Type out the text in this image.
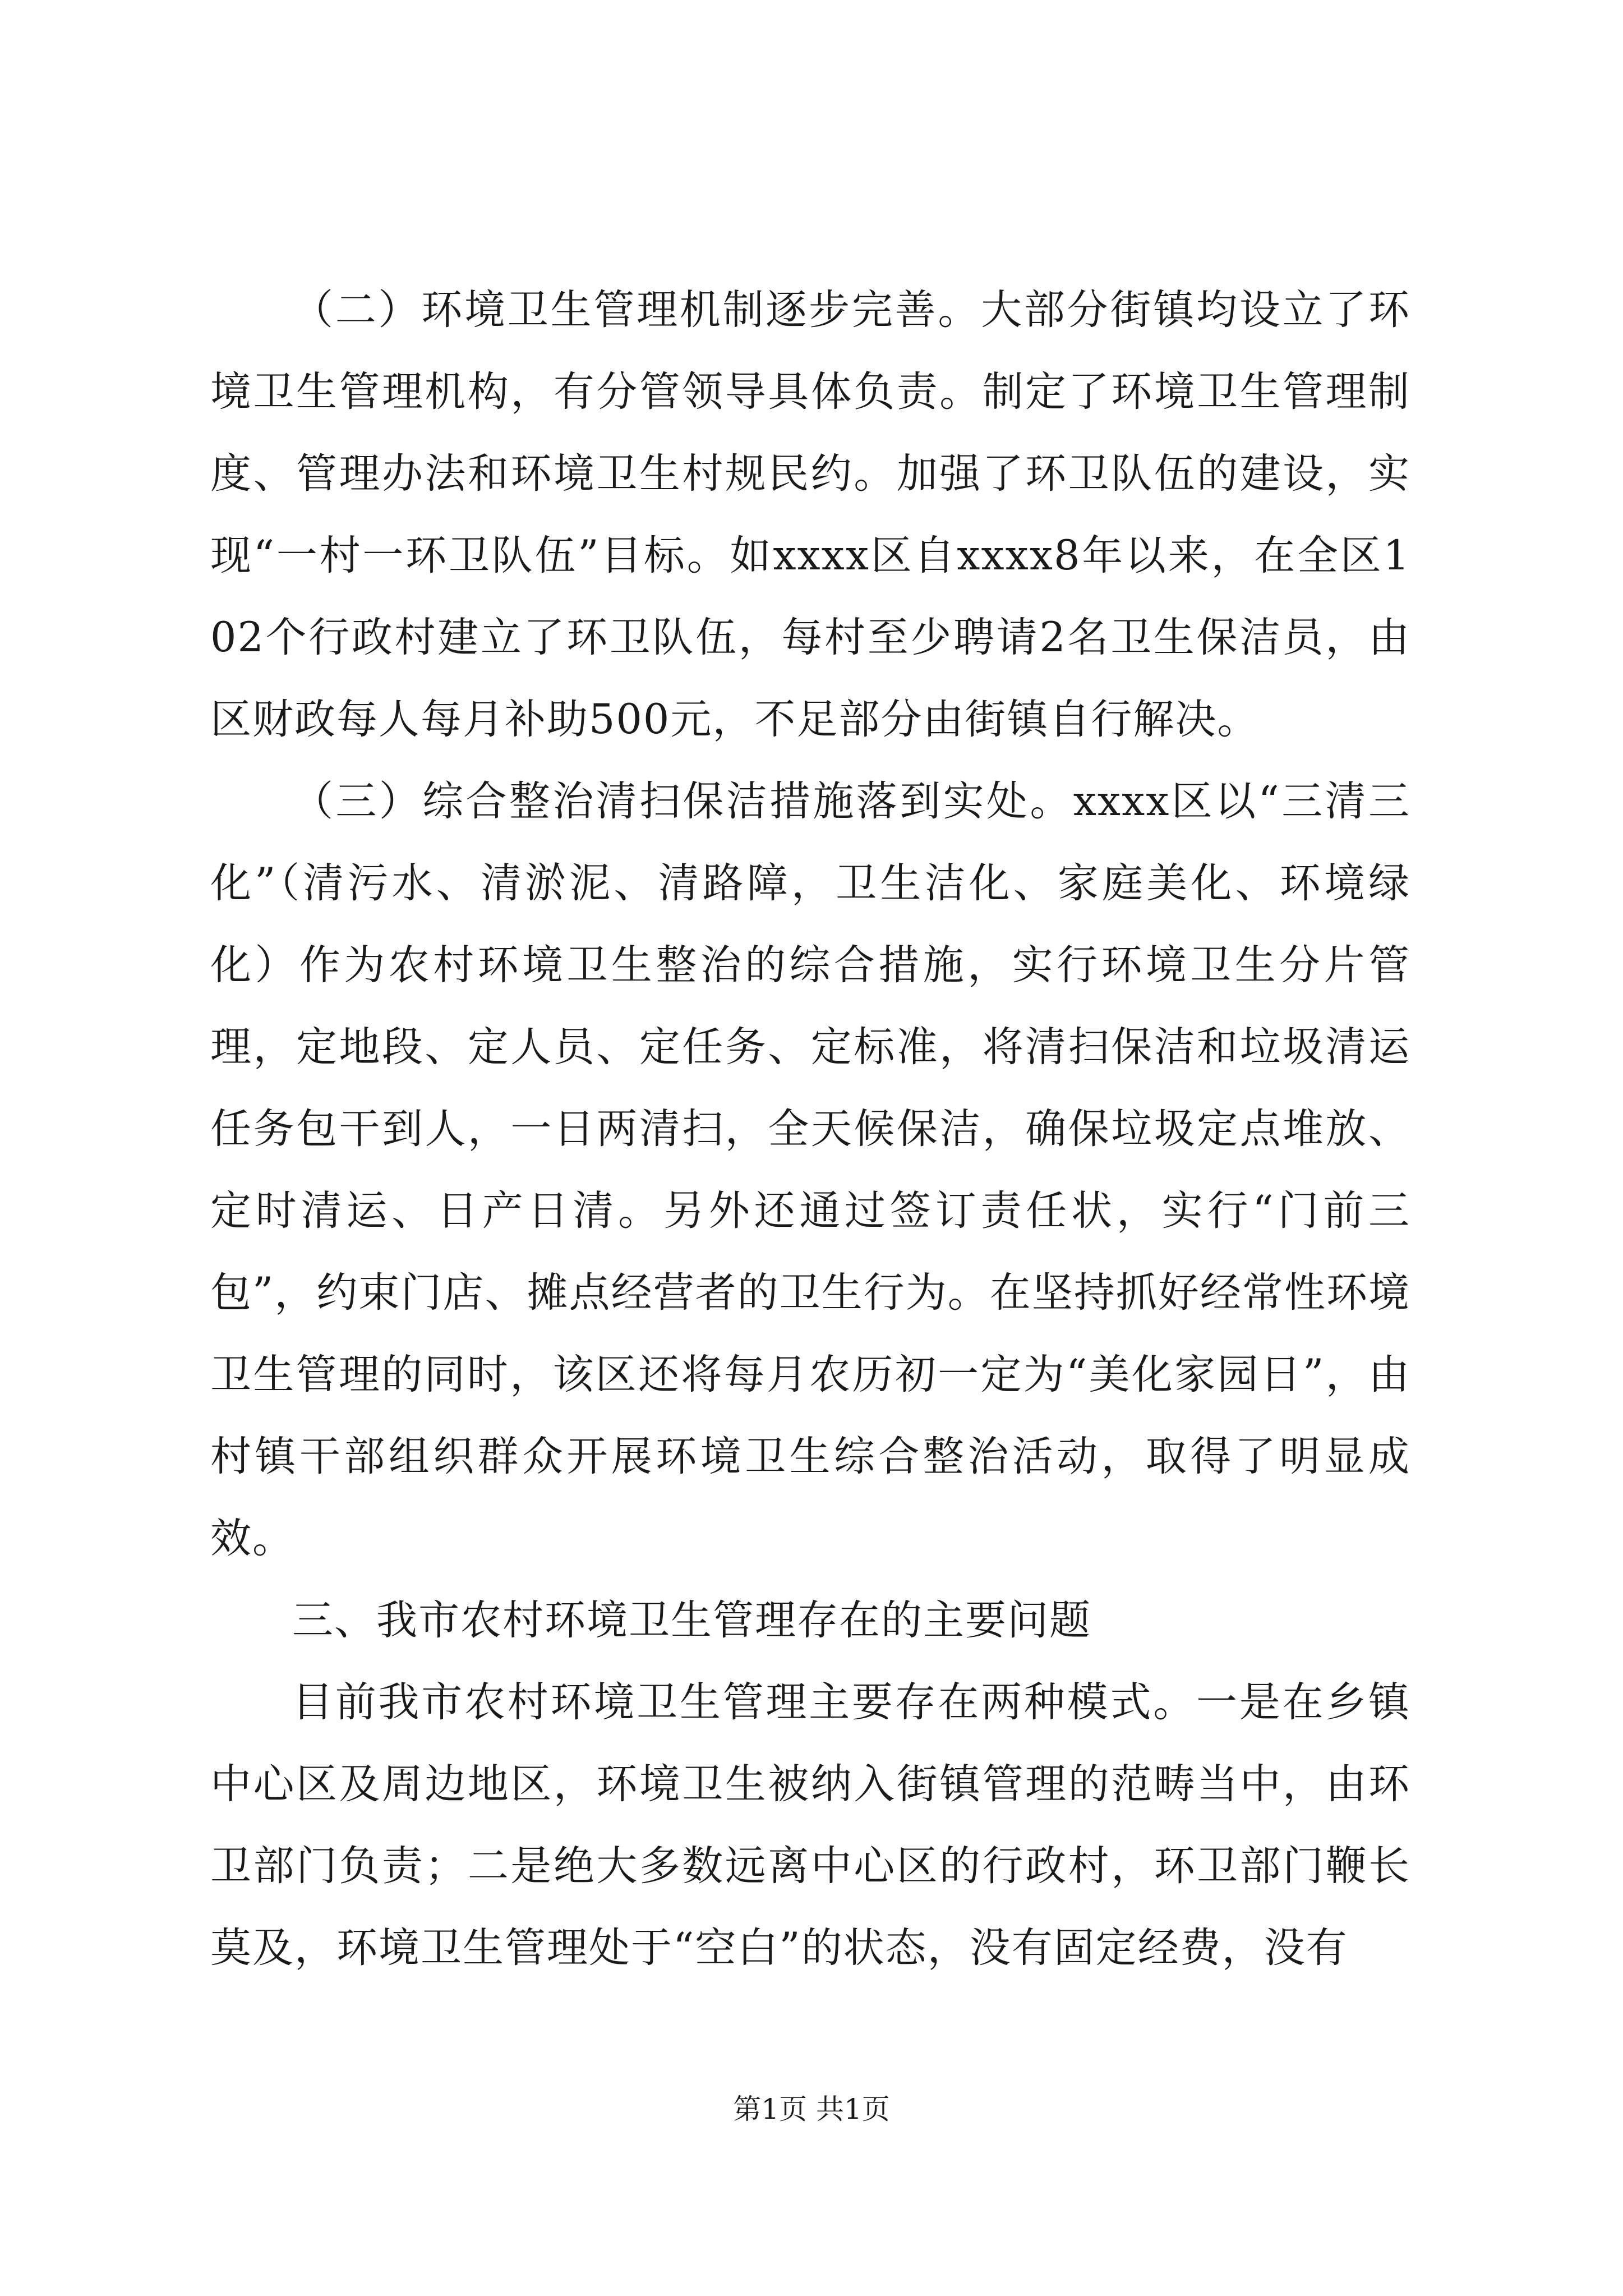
（二）环境卫生管理机制逐步完善。大部分街镇均设立了环境卫生管理机构，有分管领导具体负责。制定了环境卫生管理制度、管理办法和环境卫生村规民约。加强了环卫队伍的建设，实现“一村一环卫队伍”目标。如xxxx区自xxxx8年以来，在全区102个行政村建立了环卫队伍，每村至少聘请2名卫生保洁员，由区财政每人每月补助500元，不足部分由街镇自行解决。

（三）综合整治清扫保洁措施落到实处。xxxx区以“三清三化”（清污水、清淤泥、清路障，卫生洁化、家庭美化、环境绿化）作为农村环境卫生整治的综合措施，实行环境卫生分片管理，定地段、定人员、定任务、定标准，将清扫保洁和垃圾清运任务包干到人，一日两清扫，全天候保洁，确保垃圾定点堆放、定时清运、日产日清。另外还通过签订责任状，实行“门前三包”，约束门店、摊点经营者的卫生行为。在坚持抓好经常性环境卫生管理的同时，该区还将每月农历初一定为“美化家园日”，由村镇干部组织群众开展环境卫生综合整治活动，取得了明显成效。

三、我市农村环境卫生管理存在的主要问题

目前我市农村环境卫生管理主要存在两种模式。一是在乡镇中心区及周边地区，环境卫生被纳入街镇管理的范畴当中，由环卫部门负责；二是绝大多数远离中心区的行政村，环卫部门鞭长莫及，环境卫生管理处于“空白”的状态，没有固定经费，没有

第1页 共1页
